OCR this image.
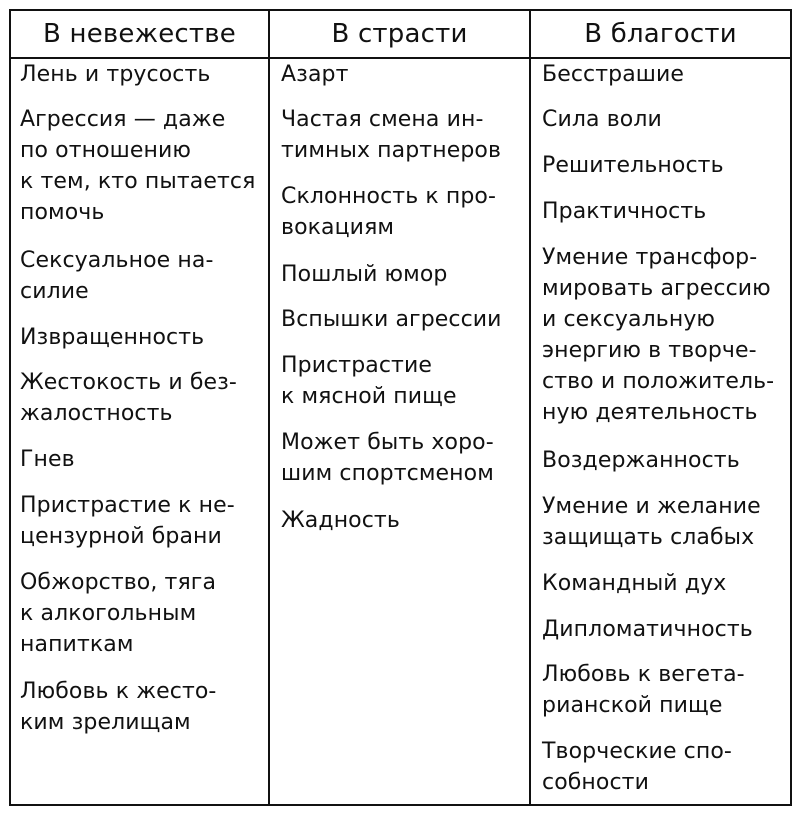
В невежестве	В страсти	В благости

Лень и трусость

Агрессия — даже
по отношению
к тем, кто пытается
помочь

Сексуальное на-
силие

Извращенность

Жестокость и без-
жалостность

Гнев

Пристрастие к не-
цензурной брани

Обжорство, тяга
к алкогольным
напиткам

Любовь к жесто-
ким зрелищам

Азарт

Частая смена ин-
тимных партнеров

Склонность к про-
вокациям

Пошлый юмор

Вспышки агрессии

Пристрастие
к мясной пище

Может быть хоро-
шим спортсменом

Жадность

Бесстрашие

Сила воли

Решительность

Практичность

Умение трансфор-
мировать агрессию
и сексуальную
энергию в творче-
ство и положитель-
ную деятельность

Воздержанность

Умение и желание
защищать слабых

Командный дух

Дипломатичность

Любовь к вегета-
рианской пище

Творческие спо-
собности
